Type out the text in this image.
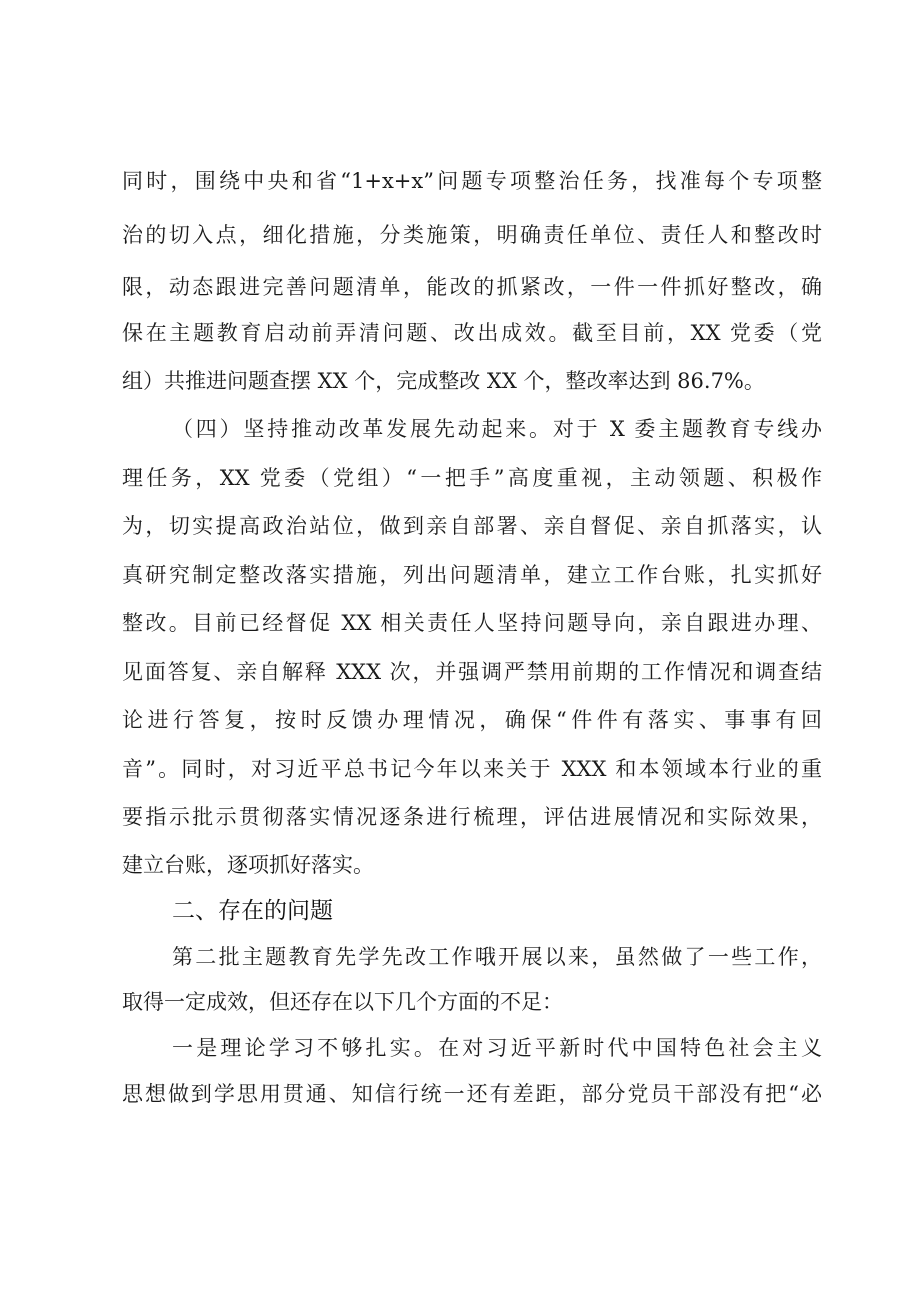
同时，围绕中央和省“1+x+x”问题专项整治任务，找准每个专项整
治的切入点，细化措施，分类施策，明确责任单位、责任人和整改时
限，动态跟进完善问题清单，能改的抓紧改，一件一件抓好整改，确
保在主题教育启动前弄清问题、改出成效。截至目前，XX 党委（党
组）共推进问题查摆 XX 个，完成整改 XX 个，整改率达到 86.7%。
（四）坚持推动改革发展先动起来。对于 X 委主题教育专线办
理任务，XX 党委（党组）“一把手”高度重视，主动领题、积极作
为，切实提高政治站位，做到亲自部署、亲自督促、亲自抓落实，认
真研究制定整改落实措施，列出问题清单，建立工作台账，扎实抓好
整改。目前已经督促 XX 相关责任人坚持问题导向，亲自跟进办理、
见面答复、亲自解释 XXX 次，并强调严禁用前期的工作情况和调查结
论进行答复，按时反馈办理情况，确保“件件有落实、事事有回
音”。同时，对习近平总书记今年以来关于 XXX 和本领域本行业的重
要指示批示贯彻落实情况逐条进行梳理，评估进展情况和实际效果，
建立台账，逐项抓好落实。
二、存在的问题
第二批主题教育先学先改工作哦开展以来，虽然做了一些工作，
取得一定成效，但还存在以下几个方面的不足：
一是理论学习不够扎实。在对习近平新时代中国特色社会主义
思想做到学思用贯通、知信行统一还有差距，部分党员干部没有把“必
